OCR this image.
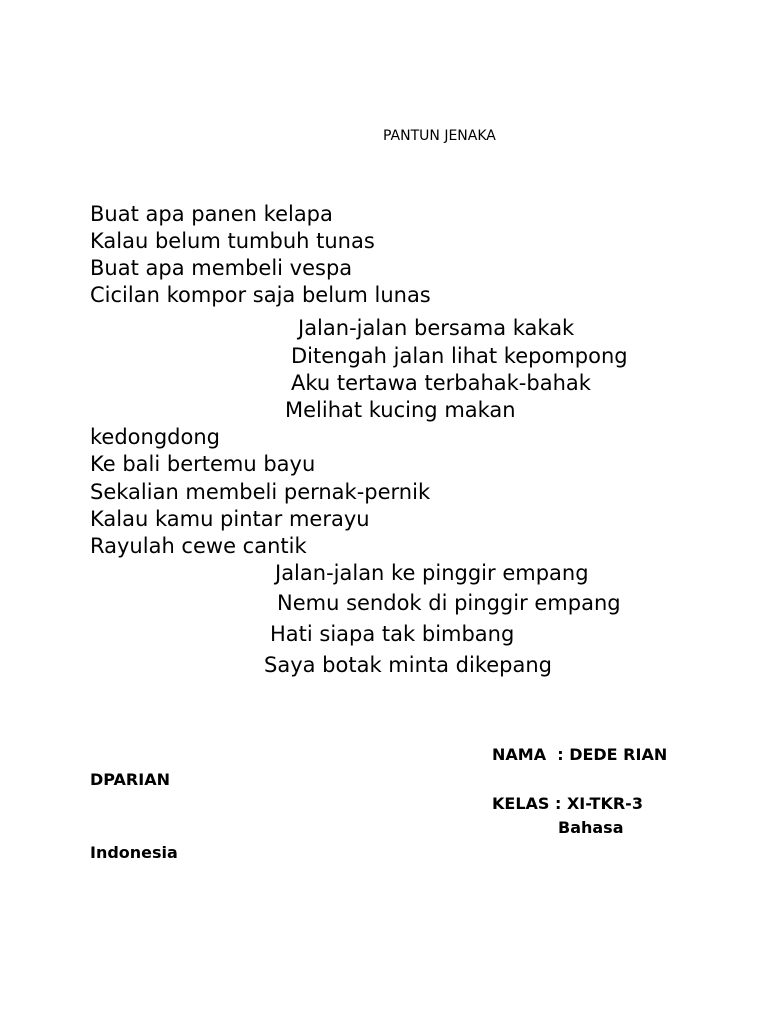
PANTUN JENAKA
Buat apa panen kelapa
Kalau belum tumbuh tunas
Buat apa membeli vespa
Cicilan kompor saja belum lunas
Jalan-jalan bersama kakak
Ditengah jalan lihat kepompong
Aku tertawa terbahak-bahak
Melihat kucing makan
kedongdong
Ke bali bertemu bayu
Sekalian membeli pernak-pernik
Kalau kamu pintar merayu
Rayulah cewe cantik
Jalan-jalan ke pinggir empang
Nemu sendok di pinggir empang
Hati siapa tak bimbang
Saya botak minta dikepang
NAMA  : DEDE RIAN
DPARIAN
KELAS : XI-TKR-3
Bahasa
Indonesia
